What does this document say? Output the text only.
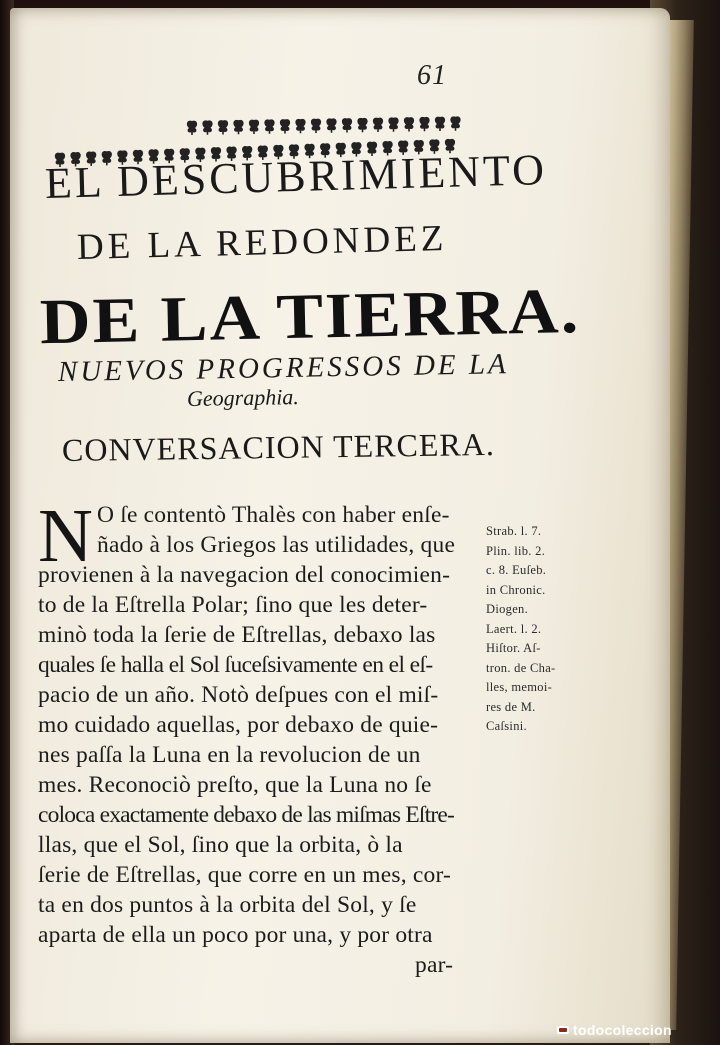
61
EL DESCUBRIMIENTO
DE LA REDONDEZ
DE LA TIERRA.
NUEVOS PROGRESSOS DE LA
Geographia.
CONVERSACION TERCERA.
N O ſe contentò Thalès con haber enſe-
ñado à los Griegos las utilidades, que
provienen à la navegacion del conocimien-
to de la Eſtrella Polar; ſino que les deter-
minò toda la ſerie de Eſtrellas, debaxo las
quales ſe halla el Sol ſuceſsivamente en el eſ-
pacio de un año. Notò deſpues con el miſ-
mo cuidado aquellas, por debaxo de quie-
nes paſſa la Luna en la revolucion de un
mes. Reconociò preſto, que la Luna no ſe
coloca exactamente debaxo de las miſmas Eſtre-
llas, que el Sol, ſino que la orbita, ò la
ſerie de Eſtrellas, que corre en un mes, cor-
ta en dos puntos à la orbita del Sol, y ſe
aparta de ella un poco por una, y por otra
par-
Strab. l. 7.
Plin. lib. 2.
c. 8. Euſeb.
in Chronic.
Diogen.
Laert. l. 2.
Hiſtor. Aſ-
tron. de Cha-
lles, memoi-
res de M.
Caſsini.
todocoleccion
